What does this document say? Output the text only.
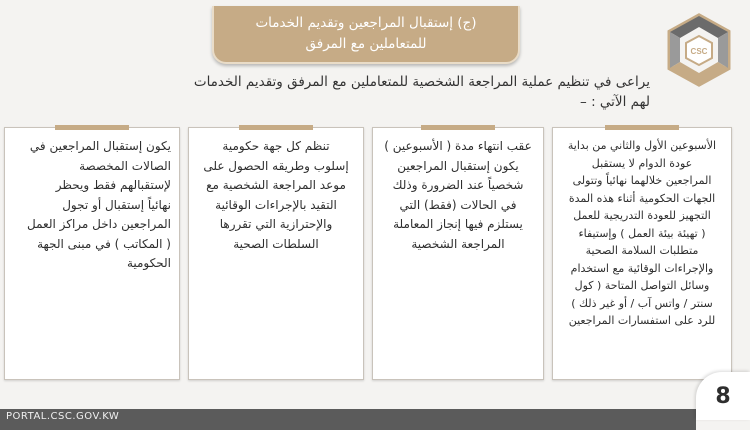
(ج) إستقبال المراجعين وتقديم الخدمات
للمتعاملين مع المرفق	CSC
يراعى في تنظيم عملية المراجعة الشخصية للمتعاملين مع المرفق وتقديم الخدمات
لهم الآتي : –
الأسبوعين الأول والثاني من بداية
عودة الدوام لا يستقبل
المراجعين خلالهما نهائياً وتتولى
الجهات الحكومية أثناء هذه المدة
التجهيز للعودة التدريجية للعمل
( تهيئة بيئة العمل ) وإستيفاء
متطلبات السلامة الصحية
والإجراءات الوقائية مع استخدام
وسائل التواصل المتاحة ( كول
سنتر / واتس آب / أو غير ذلك )
للرد على استفسارات المراجعين
عقب انتهاء مدة ( الأسبوعين )
يكون إستقبال المراجعين
شخصياً عند الضرورة وذلك
في الحالات (فقط) التي
يستلزم فيها إنجاز المعاملة
المراجعة الشخصية
تنظم كل جهة حكومية
إسلوب وطريقه الحصول على
موعد المراجعة الشخصية مع
التقيد بالإجراءات الوقائية
والإحترازية التي تقررها
السلطات الصحية
يكون إستقبال المراجعين في
الصالات المخصصة
لإستقبالهم فقط ويحظر
نهائياً إستقبال أو تجول
المراجعين داخل مراكز العمل
( المكاتب ) في مبنى الجهة
الحكومية
PORTAL.CSC.GOV.KW
8
